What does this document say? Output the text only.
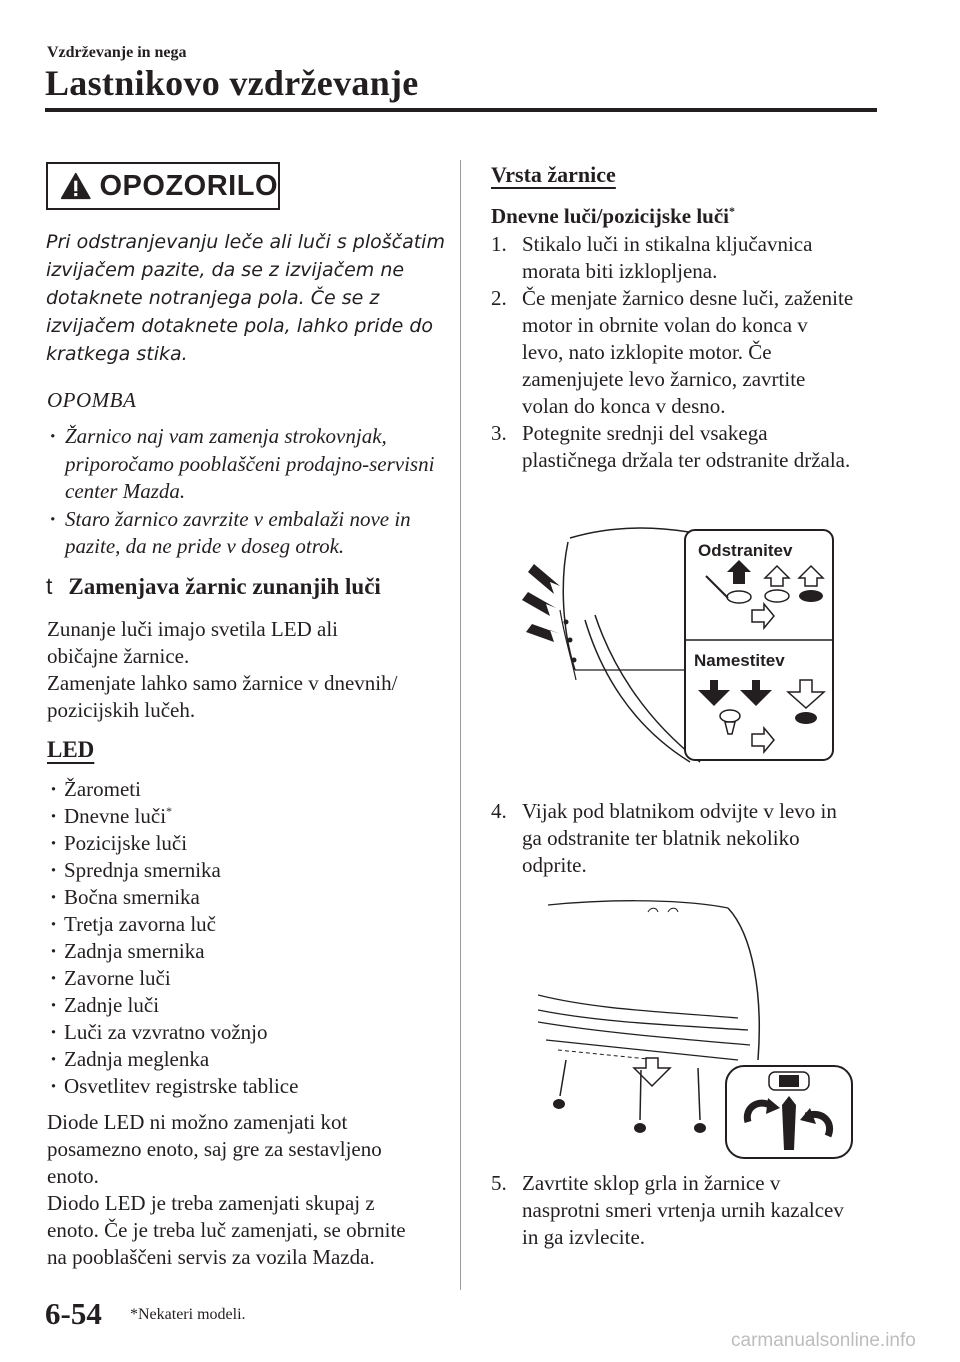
Vzdrževanje in nega
Lastnikovo vzdrževanje
OPOZORILO
Pri odstranjevanju leče ali luči s ploščatim izvijačem pazite, da se z izvijačem ne dotaknete notranjega pola. Če se z izvijačem dotaknete pola, lahko pride do kratkega stika.
OPOMBA
· Žarnico naj vam zamenja strokovnjak, priporočamo pooblaščeni prodajno-servisni center Mazda.
· Staro žarnico zavrzite v embalaži nove in pazite, da ne pride v doseg otrok.
t Zamenjava žarnic zunanjih luči
Zunanje luči imajo svetila LED ali
običajne žarnice.
Zamenjate lahko samo žarnice v dnevnih/
pozicijskih lučeh.
LED
· Žarometi
· Dnevne luči*
· Pozicijske luči
· Sprednja smernika
· Bočna smernika
· Tretja zavorna luč
· Zadnja smernika
· Zavorne luči
· Zadnje luči
· Luči za vzvratno vožnjo
· Zadnja meglenka
· Osvetlitev registrske tablice
Diode LED ni možno zamenjati kot
posamezno enoto, saj gre za sestavljeno
enoto.
Diodo LED je treba zamenjati skupaj z
enoto. Če je treba luč zamenjati, se obrnite
na pooblaščeni servis za vozila Mazda.
Vrsta žarnice
Dnevne luči/pozicijske luči*
1. Stikalo luči in stikalna ključavnica
morata biti izklopljena.
2. Če menjate žarnico desne luči, zaženite
motor in obrnite volan do konca v
levo, nato izklopite motor. Če
zamenjujete levo žarnico, zavrtite
volan do konca v desno.
3. Potegnite srednji del vsakega
plastičnega držala ter odstranite držala.
Odstranitev
Namestitev
4. Vijak pod blatnikom odvijte v levo in
ga odstranite ter blatnik nekoliko
odprite.
5. Zavrtite sklop grla in žarnice v
nasprotni smeri vrtenja urnih kazalcev
in ga izvlecite.
6-54 *Nekateri modeli.
carmanualsonline.info
